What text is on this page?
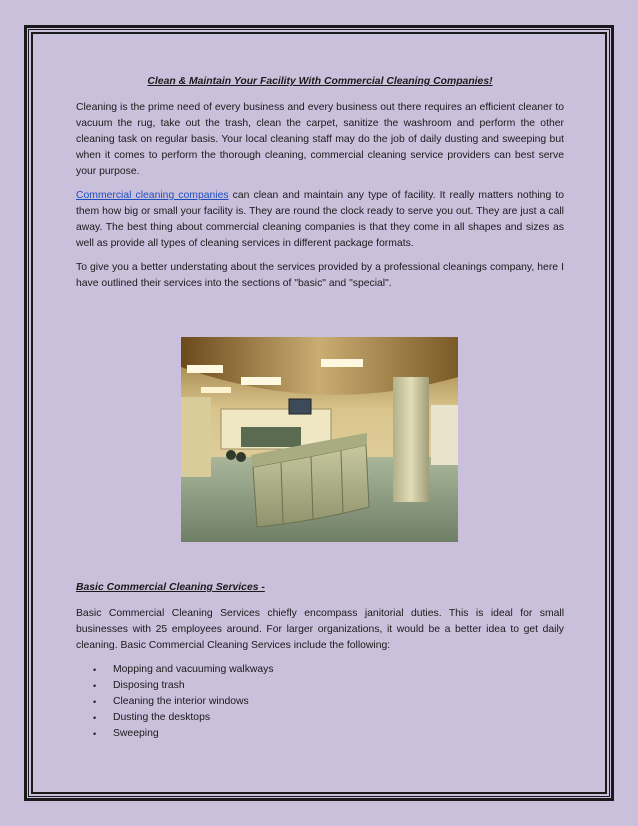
Clean & Maintain Your Facility With Commercial Cleaning Companies!

Cleaning is the prime need of every business and every business out there requires an efficient cleaner to vacuum the rug, take out the trash, clean the carpet, sanitize the washroom and perform the other cleaning task on regular basis. Your local cleaning staff may do the job of daily dusting and sweeping but when it comes to perform the thorough cleaning, commercial cleaning service providers can best serve your purpose.

Commercial cleaning companies can clean and maintain any type of facility. It really matters nothing to them how big or small your facility is. They are round the clock ready to serve you out. They are just a call away. The best thing about commercial cleaning companies is that they come in all shapes and sizes as well as provide all types of cleaning services in different package formats.

To give you a better understating about the services provided by a professional cleanings company, here I have outlined their services into the sections of "basic" and "special".

Basic Commercial Cleaning Services -

Basic Commercial Cleaning Services chiefly encompass janitorial duties. This is ideal for small businesses with 25 employees around. For larger organizations, it would be a better idea to get daily cleaning. Basic Commercial Cleaning Services include the following:

•	Mopping and vacuuming walkways
•	Disposing trash
•	Cleaning the interior windows
•	Dusting the desktops
•	Sweeping
